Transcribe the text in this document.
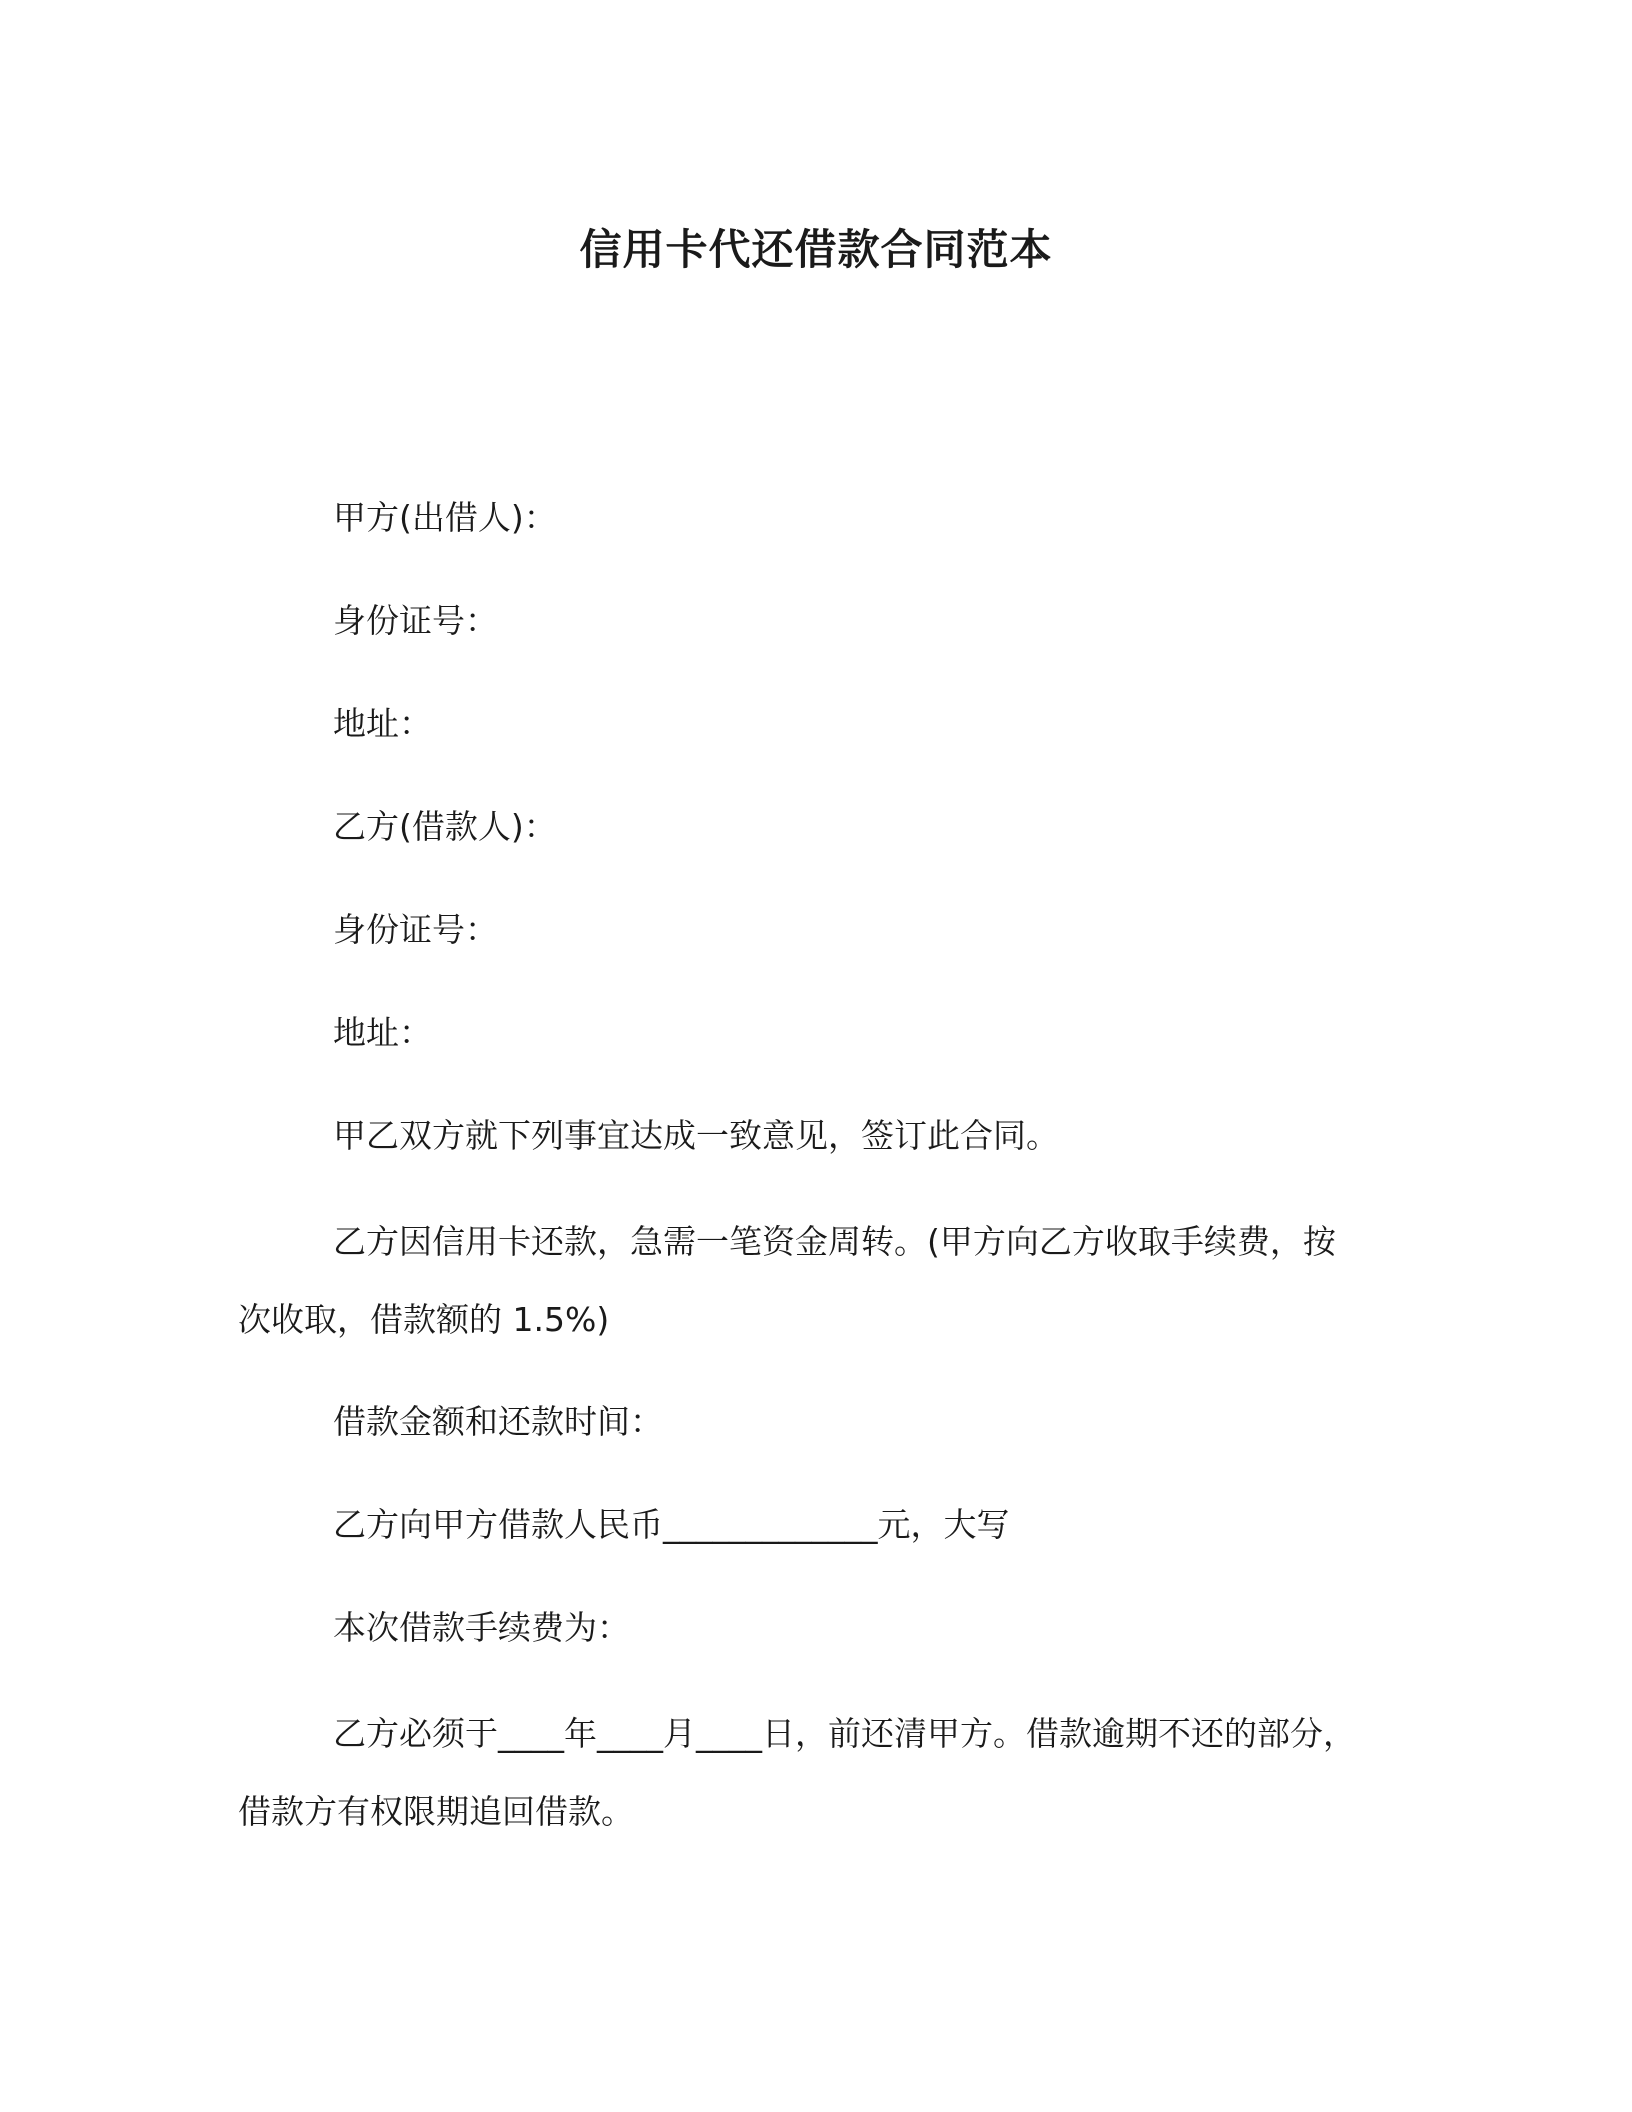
信用卡代还借款合同范本
甲方(出借人)：
身份证号：
地址：
乙方(借款人)：
身份证号：
地址：
甲乙双方就下列事宜达成一致意见，签订此合同。
乙方因信用卡还款，急需一笔资金周转。(甲方向乙方收取手续费，按次收取，借款额的 1.5%)
借款金额和还款时间：
乙方向甲方借款人民币_____________元，大写
本次借款手续费为：
乙方必须于____年____月____日，前还清甲方。借款逾期不还的部分，借款方有权限期追回借款。
